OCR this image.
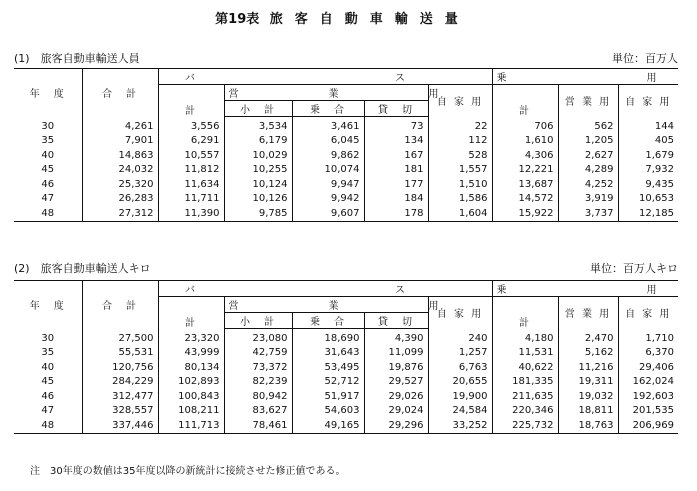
第19表 旅客自動車輸送量
(1)　旅客自動車輸送人員	単位：百万人
年　度	合　計	バ　　ス					乗　　用		
		計	営　業　用			自 家 用	計	営 業 用	自 家 用
			小　計	乗　合	貸　切				
30	4,261	3,556	3,534	3,461	73	22	706	562	144
35	7,901	6,291	6,179	6,045	134	112	1,610	1,205	405
40	14,863	10,557	10,029	9,862	167	528	4,306	2,627	1,679
45	24,032	11,812	10,255	10,074	181	1,557	12,221	4,289	7,932
46	25,320	11,634	10,124	9,947	177	1,510	13,687	4,252	9,435
47	26,283	11,711	10,126	9,942	184	1,586	14,572	3,919	10,653
48	27,312	11,390	9,785	9,607	178	1,604	15,922	3,737	12,185
(2)　旅客自動車輸送人キロ	単位：百万人キロ
年　度	合　計	バ　　ス					乗　　用		
		計	営　業　用			自 家 用	計	営 業 用	自 家 用
			小　計	乗　合	貸　切				
30	27,500	23,320	23,080	18,690	4,390	240	4,180	2,470	1,710
35	55,531	43,999	42,759	31,643	11,099	1,257	11,531	5,162	6,370
40	120,756	80,134	73,372	53,495	19,876	6,763	40,622	11,216	29,406
45	284,229	102,893	82,239	52,712	29,527	20,655	181,335	19,311	162,024
46	312,477	100,843	80,942	51,917	29,026	19,900	211,635	19,032	192,603
47	328,557	108,211	83,627	54,603	29,024	24,584	220,346	18,811	201,535
48	337,446	111,713	78,461	49,165	29,296	33,252	225,732	18,763	206,969
注　30年度の数値は35年度以降の新統計に接続させた修正値である。
